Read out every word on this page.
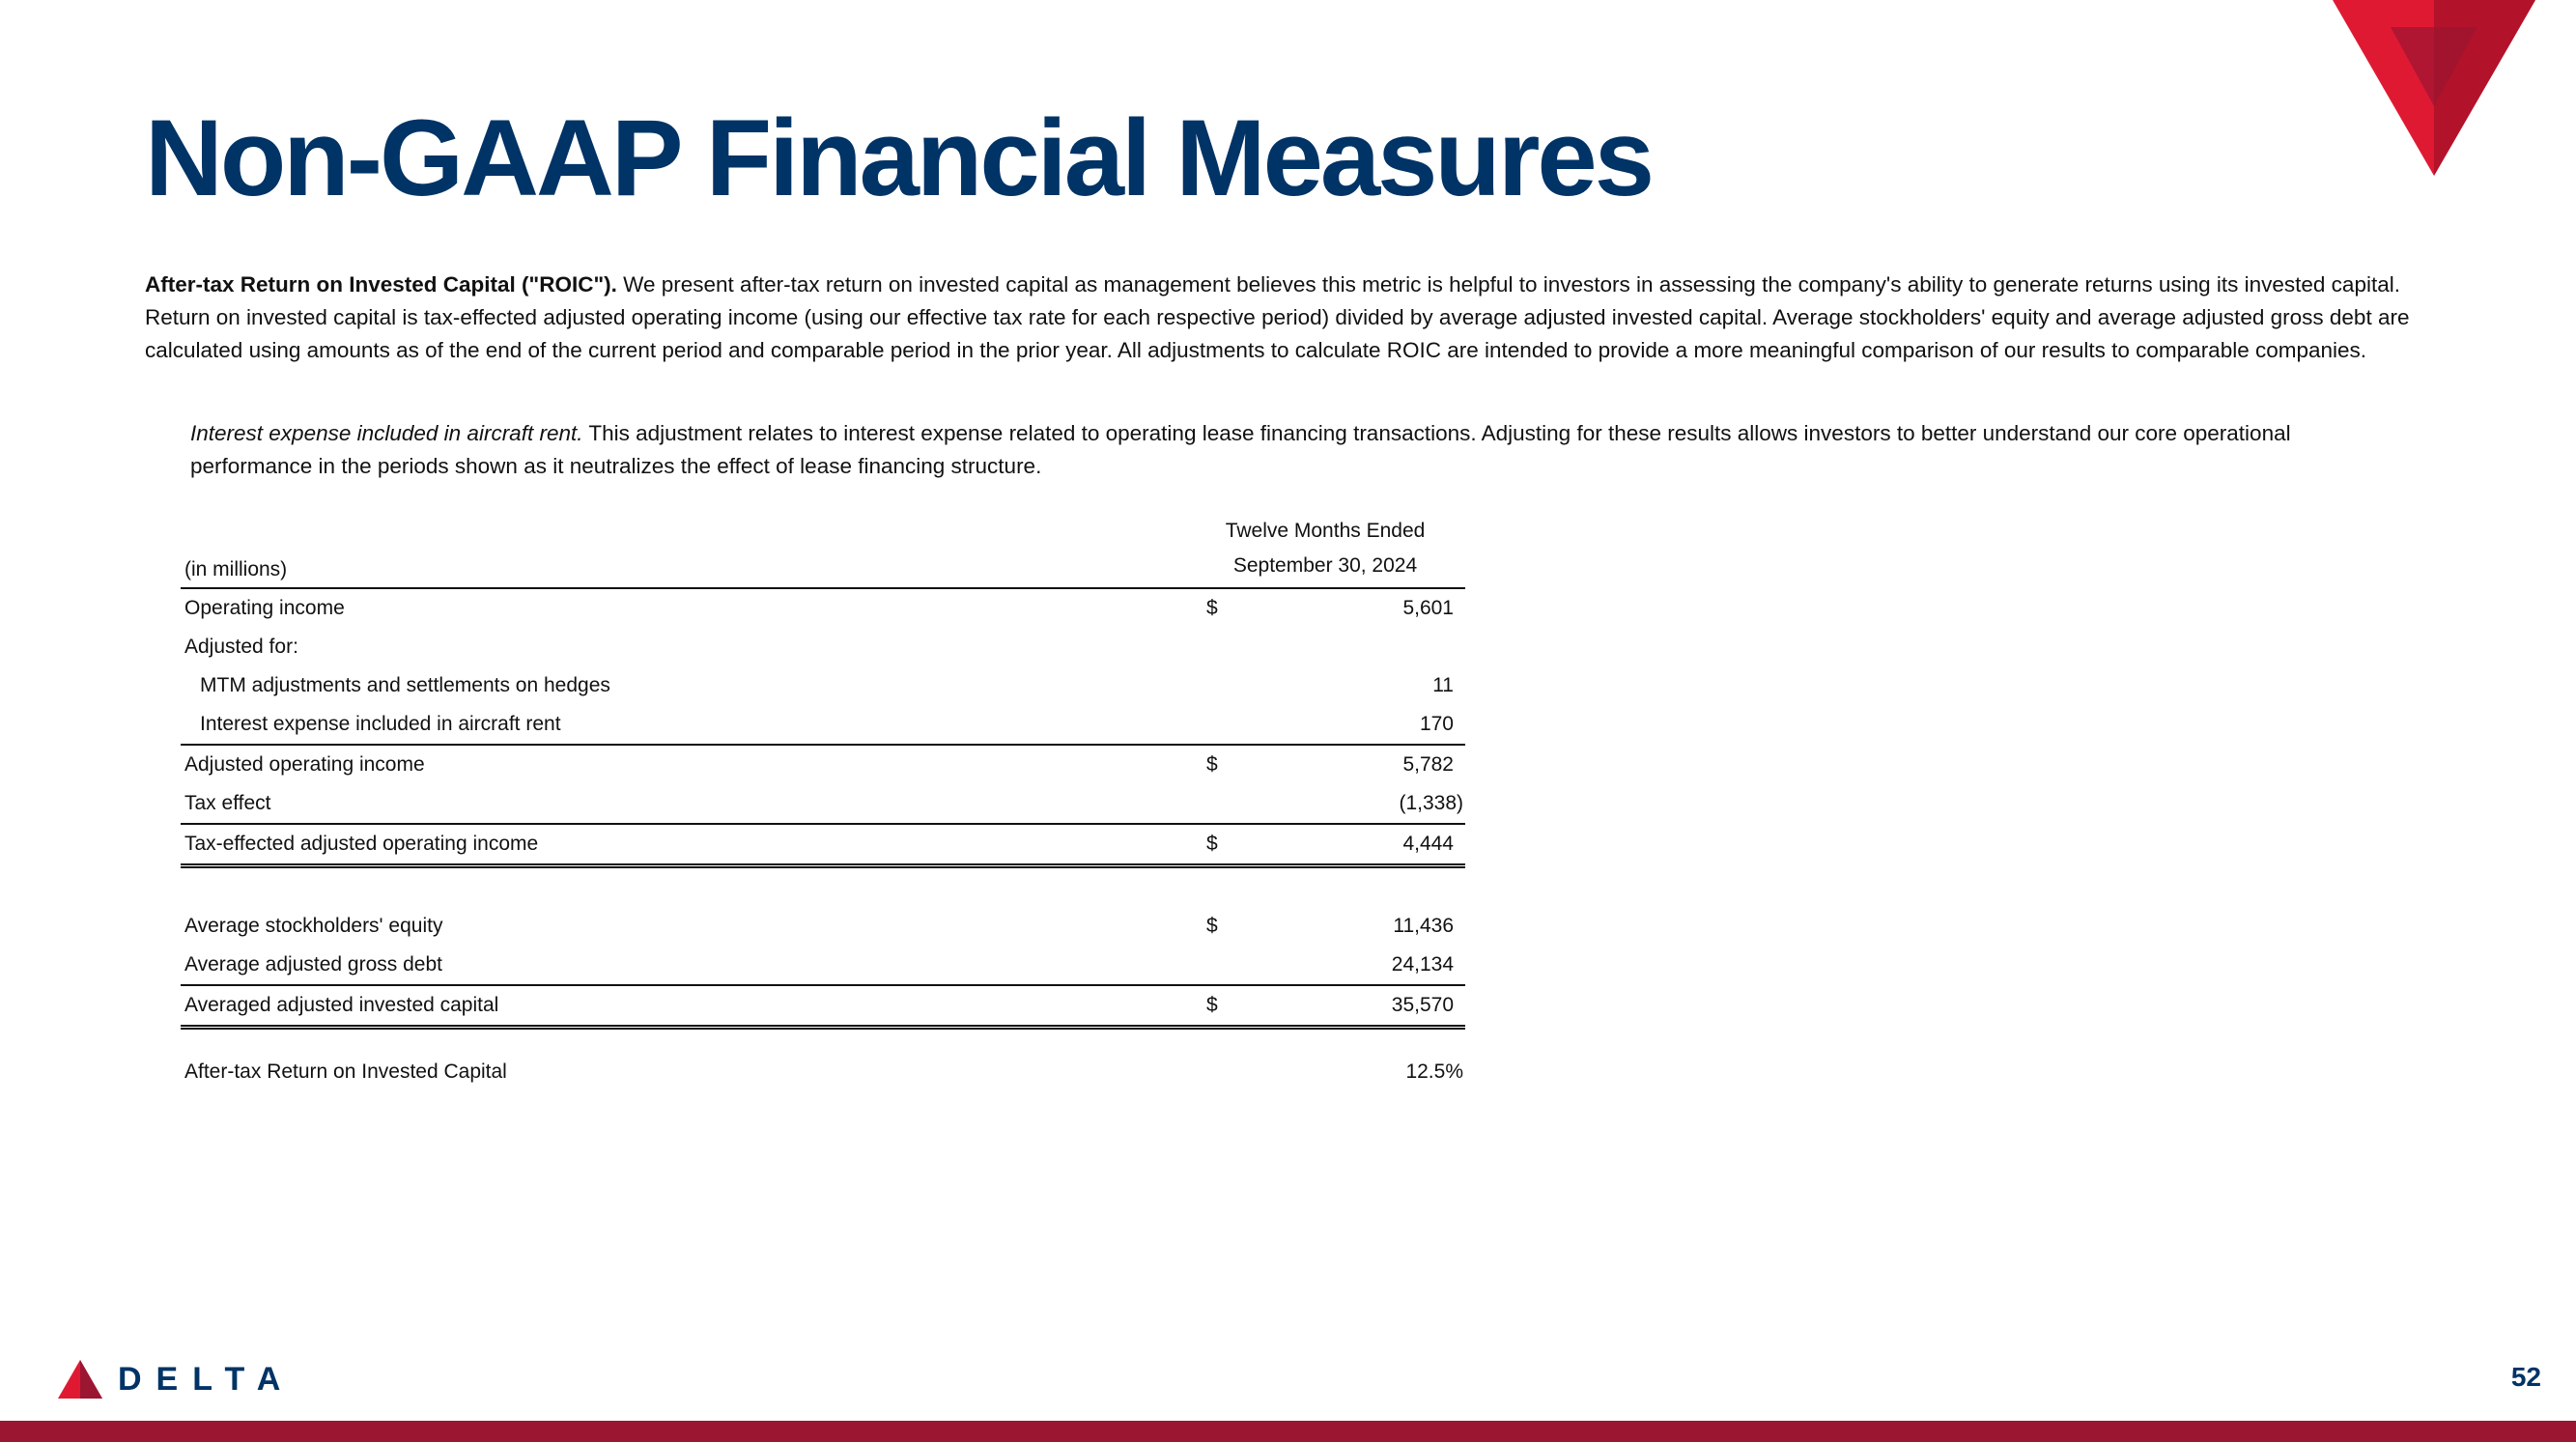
Non-GAAP Financial Measures

After-tax Return on Invested Capital ("ROIC"). We present after-tax return on invested capital as management believes this metric is helpful to investors in assessing the company's ability to generate returns using its invested capital. Return on invested capital is tax-effected adjusted operating income (using our effective tax rate for each respective period) divided by average adjusted invested capital. Average stockholders' equity and average adjusted gross debt are calculated using amounts as of the end of the current period and comparable period in the prior year. All adjustments to calculate ROIC are intended to provide a more meaningful comparison of our results to comparable companies.

Interest expense included in aircraft rent. This adjustment relates to interest expense related to operating lease financing transactions. Adjusting for these results allows investors to better understand our core operational performance in the periods shown as it neutralizes the effect of lease financing structure.

(in millions)
Twelve Months Ended
September 30, 2024
Operating income	$	5,601
Adjusted for:
MTM adjustments and settlements on hedges	11
Interest expense included in aircraft rent	170
Adjusted operating income	$	5,782
Tax effect	(1,338)
Tax-effected adjusted operating income	$	4,444
Average stockholders' equity	$	11,436
Average adjusted gross debt	24,134
Averaged adjusted invested capital	$	35,570
After-tax Return on Invested Capital	12.5%
DELTA	52
